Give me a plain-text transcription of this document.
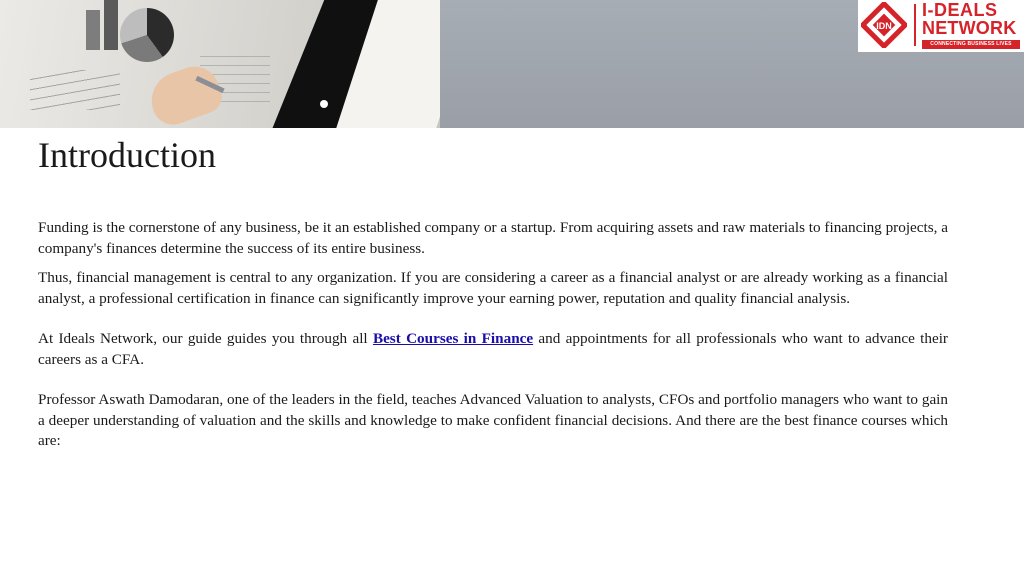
IDN
I-DEALS
NETWORK
CONNECTING BUSINESS LIVES
Introduction

Funding is the cornerstone of any business, be it an established company or a startup. From acquiring assets and raw materials to financing projects, a company's finances determine the success of its entire business.

Thus, financial management is central to any organization. If you are considering a career as a financial analyst or are already working as a financial analyst, a professional certification in finance can significantly improve your earning power, reputation and quality financial analysis.

At Ideals Network, our guide guides you through all Best Courses in Finance and appointments for all professionals who want to advance their careers as a CFA.

Professor Aswath Damodaran, one of the leaders in the field, teaches Advanced Valuation to analysts, CFOs and portfolio managers who want to gain a deeper understanding of valuation and the skills and knowledge to make confident financial decisions. And there are the best finance courses which are:
